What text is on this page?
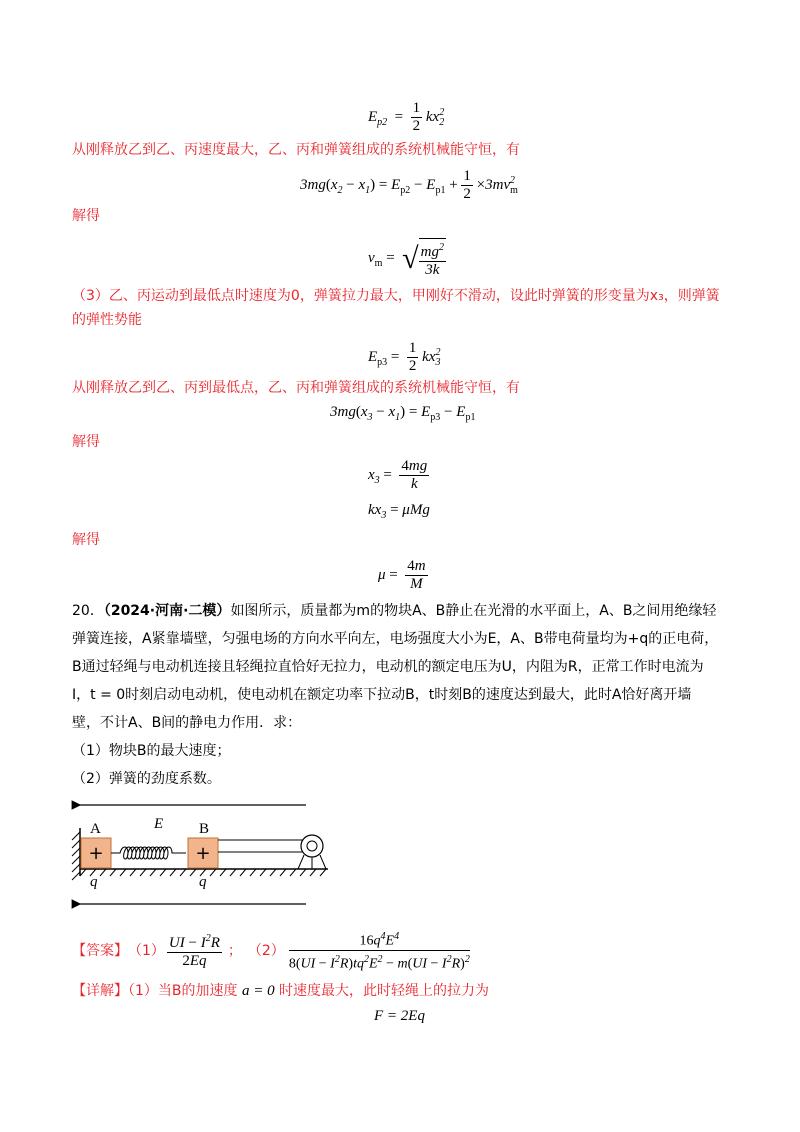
$E_{p2} = \frac{1}{2} kx_2^2$
从刚释放乙到乙、丙速度最大，乙、丙和弹簧组成的系统机械能守恒，有
$3mg(x_2 - x_1) = E_{p2} - E_{p1} + \frac{1}{2} \times 3mv_m^2$
解得
$v_m$ =  √ $\frac{mg^2}{3k}$
（3）乙、丙运动到最低点时速度为0，弹簧拉力最大，甲刚好不滑动，设此时弹簧的形变量为x₃，则弹簧
的弹性势能
$E_{p3} = \frac{1}{2} kx_3^2$
从刚释放乙到乙、丙到最低点，乙、丙和弹簧组成的系统机械能守恒，有
$3mg(x_3 - x_1) = E_{p3} - E_{p1}$
解得
$x_3 = \frac{4mg}{k}$
$kx_3 = \mu Mg$
解得
$\mu = \frac{4m}{M}$
20．（2024·河南·二模）如图所示，质量都为m的物块A、B静止在光滑的水平面上，A、B之间用绝缘轻
弹簧连接，A紧靠墙壁，匀强电场的方向水平向左，电场强度大小为E，A、B带电荷量均为+q的正电荷，
B通过轻绳与电动机连接且轻绳拉直恰好无拉力，电动机的额定电压为U，内阻为R，正常工作时电流为
I，t = 0时刻启动电动机，使电动机在额定功率下拉动B，t时刻B的速度达到最大，此时A恰好离开墙
壁，不计A、B间的静电力作用．求：
（1）物块B的最大速度；
（2）弹簧的劲度系数。
+
A
q
E
+
B
q
【答案】 $(1) \frac{UI - I^2R}{2Eq}$ ； $(2) \frac{16q^4E^4}{8(UI - I^2R)tq^2E^2 - m(UI - I^2R)^2}$
【详解】（1）当B的加速度 a = 0 时速度最大，此时轻绳上的拉力为
F = 2Eq
